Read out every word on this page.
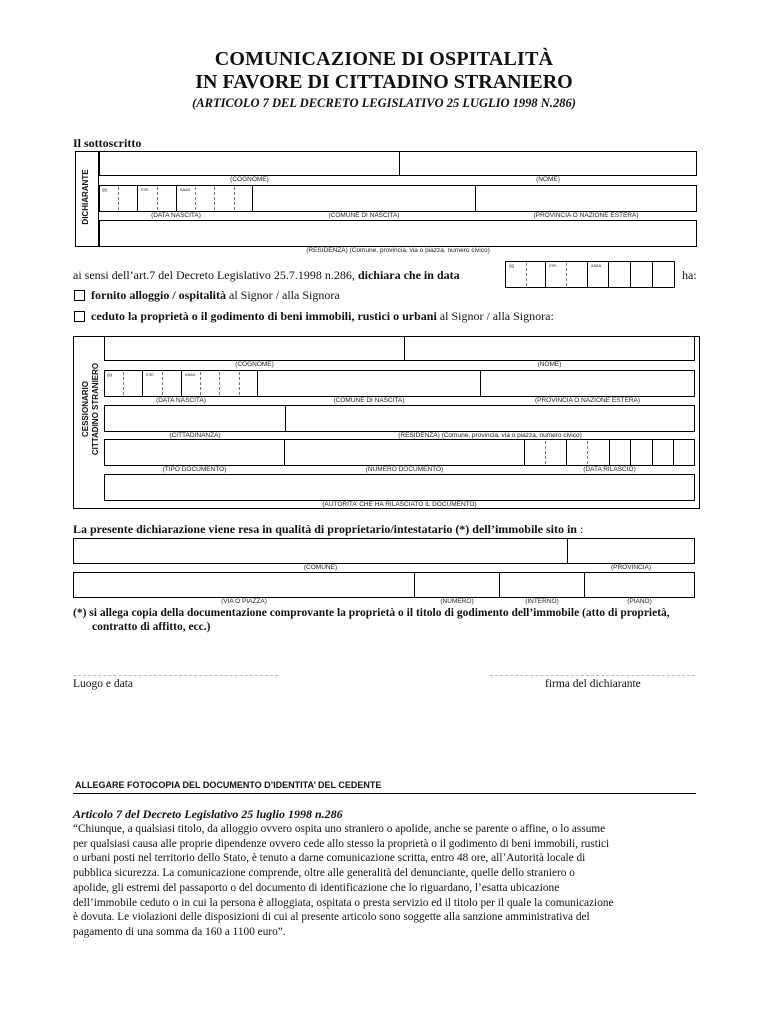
COMUNICAZIONE DI OSPITALITÀ
IN FAVORE DI CITTADINO STRANIERO
(ARTICOLO 7 DEL DECRETO LEGISLATIVO 25 LUGLIO 1998 N.286)
Il sottoscritto
DICHIARANTE	(COGNOME)	(NOME)
gg	mm	aaaa
(DATA NASCITA)	(COMUNE DI NASCITA)	(PROVINCIA O NAZIONE ESTERA)
(RESIDENZA) (Comune, provincia, via o piazza, numero civico)
ai sensi dell’art.7 del Decreto Legislativo 25.7.1998 n.286, dichiara che in data
gg	mm	aaaa
ha:
fornito alloggio / ospitalità al Signor / alla Signora
ceduto la proprietà o il godimento di beni immobili, rustici o urbani al Signor / alla Signora:
CESSIONARIO CITTADINO STRANIERO	(COGNOME)	(NOME)
gg	mm	aaaa
(DATA NASCITA)	(COMUNE DI NASCITA)	(PROVINCIA O NAZIONE ESTERA)
(CITTADINANZA)	(RESIDENZA) (Comune, provincia, via o piazza, numero civico)
(TIPO DOCUMENTO)	(NUMERO DOCUMENTO)	(DATA RILASCIO)
(AUTORITA’ CHE HA RILASCIATO IL DOCUMENTO)
La presente dichiarazione viene resa in qualità di proprietario/intestatario (*) dell’immobile sito in :
(COMUNE)	(PROVINCIA)
(VIA O PIAZZA)	(NUMERO)	(INTERNO)	(PIANO)
(*) si allega copia della documentazione comprovante la proprietà o il titolo di godimento dell’immobile (atto di proprietà,
contratto di affitto, ecc.)
Luogo e data	firma del dichiarante
ALLEGARE FOTOCOPIA DEL DOCUMENTO D’IDENTITA’ DEL CEDENTE
Articolo 7 del Decreto Legislativo 25 luglio 1998 n.286
“Chiunque, a qualsiasi titolo, da alloggio ovvero ospita uno straniero o apolide, anche se parente o affine, o lo assume
per qualsiasi causa alle proprie dipendenze ovvero cede allo stesso la proprietà o il godimento di beni immobili, rustici
o urbani posti nel territorio dello Stato, è tenuto a darne comunicazione scritta, entro 48 ore, all’Autorità locale di
pubblica sicurezza. La comunicazione comprende, oltre alle generalità del denunciante, quelle dello straniero o
apolide, gli estremi del passaporto o del documento di identificazione che lo riguardano, l’esatta ubicazione
dell’immobile ceduto o in cui la persona è alloggiata, ospitata o presta servizio ed il titolo per il quale la comunicazione
è dovuta. Le violazioni delle disposizioni di cui al presente articolo sono soggette alla sanzione amministrativa del
pagamento di una somma da 160 a 1100 euro”.
